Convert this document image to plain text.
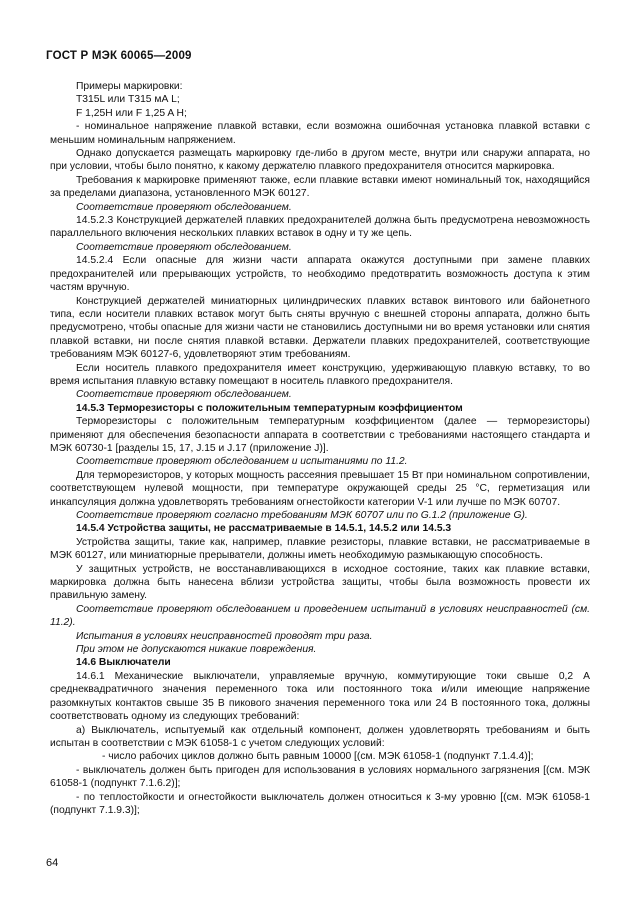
ГОСТ Р МЭК 60065—2009

Примеры маркировки:

T315L или T315 мА L;

F 1,25H или F 1,25 A H;

- номинальное напряжение плавкой вставки, если возможна ошибочная установка плавкой вставки с меньшим номинальным напряжением.

Однако допускается размещать маркировку где-либо в другом месте, внутри или снаружи аппарата, но при условии, чтобы было понятно, к какому держателю плавкого предохранителя относится маркировка.

Требования к маркировке применяют также, если плавкие вставки имеют номинальный ток, находящийся за пределами диапазона, установленного МЭК 60127.

Соответствие проверяют обследованием.

14.5.2.3 Конструкцией держателей плавких предохранителей должна быть предусмотрена невозможность параллельного включения нескольких плавких вставок в одну и ту же цепь.

Соответствие проверяют обследованием.

14.5.2.4 Если опасные для жизни части аппарата окажутся доступными при замене плавких предохранителей или прерывающих устройств, то необходимо предотвратить возможность доступа к этим частям вручную.

Конструкцией держателей миниатюрных цилиндрических плавких вставок винтового или байонетного типа, если носители плавких вставок могут быть сняты вручную с внешней стороны аппарата, должно быть предусмотрено, чтобы опасные для жизни части не становились доступными ни во время установки или снятия плавкой вставки, ни после снятия плавкой вставки. Держатели плавких предохранителей, соответствующие требованиям МЭК 60127-6, удовлетворяют этим требованиям.

Если носитель плавкого предохранителя имеет конструкцию, удерживающую плавкую вставку, то во время испытания плавкую вставку помещают в носитель плавкого предохранителя.

Соответствие проверяют обследованием.

14.5.3 Терморезисторы с положительным температурным коэффициентом

Терморезисторы с положительным температурным коэффициентом (далее — терморезисторы) применяют для обеспечения безопасности аппарата в соответствии с требованиями настоящего стандарта и МЭК 60730-1 [разделы 15, 17, J.15 и J.17 (приложение J)].

Соответствие проверяют обследованием и испытаниями по 11.2.

Для терморезисторов, у которых мощность рассеяния превышает 15 Вт при номинальном сопротивлении, соответствующем нулевой мощности, при температуре окружающей среды 25 °С, герметизация или инкапсуляция должна удовлетворять требованиям огнестойкости категории V-1 или лучше по МЭК 60707.

Соответствие проверяют согласно требованиям МЭК 60707 или по G.1.2 (приложение G).

14.5.4 Устройства защиты, не рассматриваемые в 14.5.1, 14.5.2 или 14.5.3

Устройства защиты, такие как, например, плавкие резисторы, плавкие вставки, не рассматриваемые в МЭК 60127, или миниатюрные прерыватели, должны иметь необходимую размыкающую способность.

У защитных устройств, не восстанавливающихся в исходное состояние, таких как плавкие вставки, маркировка должна быть нанесена вблизи устройства защиты, чтобы была возможность провести их правильную замену.

Соответствие проверяют обследованием и проведением испытаний в условиях неисправностей (см. 11.2).

Испытания в условиях неисправностей проводят три раза.

При этом не допускаются никакие повреждения.

14.6 Выключатели

14.6.1 Механические выключатели, управляемые вручную, коммутирующие токи свыше 0,2 А среднеквадратичного значения переменного тока или постоянного тока и/или имеющие напряжение разомкнутых контактов свыше 35 В пикового значения переменного тока или 24 В постоянного тока, должны соответствовать одному из следующих требований:

а) Выключатель, испытуемый как отдельный компонент, должен удовлетворять требованиям и быть испытан в соответствии с МЭК 61058-1 с учетом следующих условий:

- число рабочих циклов должно быть равным 10000 [(см. МЭК 61058-1 (подпункт 7.1.4.4)];

- выключатель должен быть пригоден для использования в условиях нормального загрязнения [(см. МЭК 61058-1 (подпункт 7.1.6.2)];

- по теплостойкости и огнестойкости выключатель должен относиться к 3-му уровню [(см. МЭК 61058-1 (подпункт 7.1.9.3)];

64
